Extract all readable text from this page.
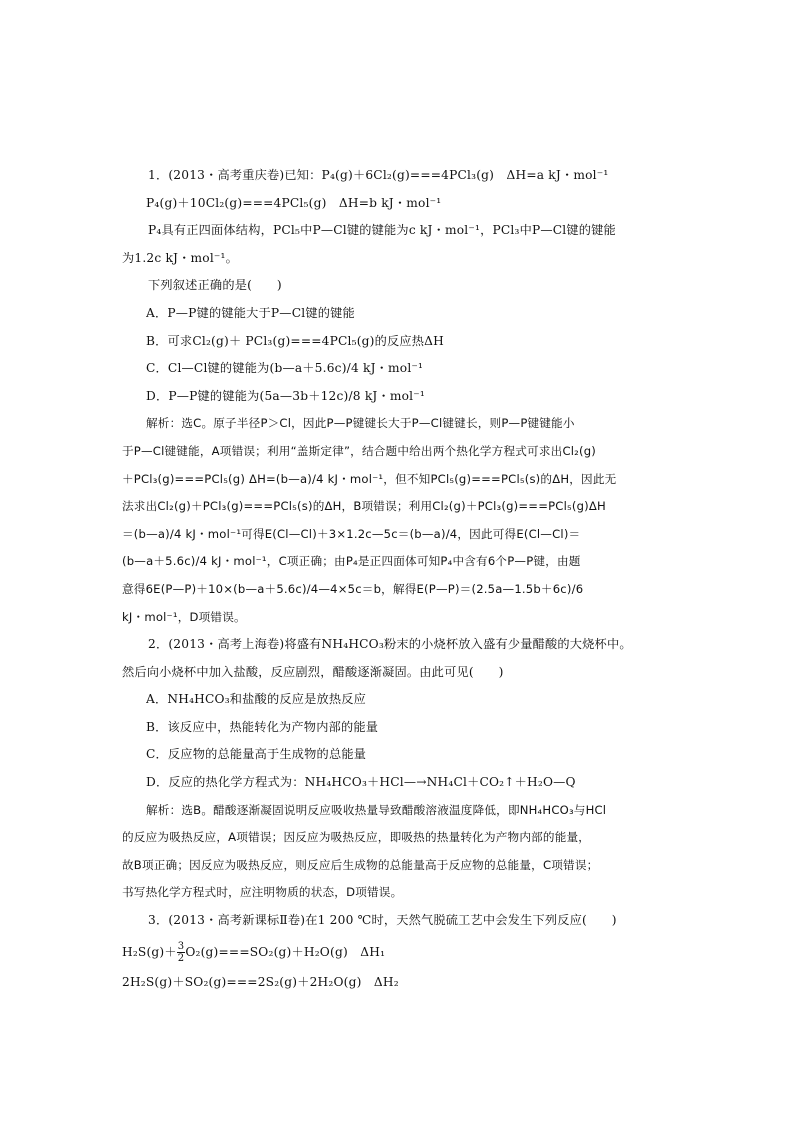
1．(2013・高考重庆卷)已知：P₄(g)＋6Cl₂(g)===4PCl₃(g)　ΔH=a kJ・mol⁻¹
P₄(g)＋10Cl₂(g)===4PCl₅(g)　ΔH=b kJ・mol⁻¹
P₄具有正四面体结构，PCl₅中P—Cl键的键能为c kJ・mol⁻¹，PCl₃中P—Cl键的键能
为1.2c kJ・mol⁻¹。
下列叙述正确的是(　　)
A．P—P键的键能大于P—Cl键的键能
B．可求Cl₂(g)＋ PCl₃(g)===4PCl₅(g)的反应热ΔH
C．Cl—Cl键的键能为(b—a＋5.6c)/4 kJ・mol⁻¹
D．P—P键的键能为(5a—3b＋12c)/8 kJ・mol⁻¹
解析：选C。原子半径P＞Cl，因此P—P键键长大于P—Cl键键长，则P—P键键能小
于P—Cl键键能，A项错误；利用“盖斯定律”，结合题中给出两个热化学方程式可求出Cl₂(g)
＋PCl₃(g)===PCl₅(g) ΔH=(b—a)/4 kJ・mol⁻¹，但不知PCl₅(g)===PCl₅(s)的ΔH，因此无
法求出Cl₂(g)＋PCl₃(g)===PCl₅(s)的ΔH，B项错误；利用Cl₂(g)＋PCl₃(g)===PCl₅(g)ΔH
＝(b—a)/4 kJ・mol⁻¹可得E(Cl—Cl)＋3×1.2c—5c＝(b—a)/4，因此可得E(Cl—Cl)＝
(b—a＋5.6c)/4 kJ・mol⁻¹，C项正确；由P₄是正四面体可知P₄中含有6个P—P键，由题
意得6E(P—P)＋10×(b—a＋5.6c)/4—4×5c＝b，解得E(P—P)＝(2.5a—1.5b＋6c)/6
kJ・mol⁻¹，D项错误。
2．(2013・高考上海卷)将盛有NH₄HCO₃粉末的小烧杯放入盛有少量醋酸的大烧杯中。
然后向小烧杯中加入盐酸，反应剧烈，醋酸逐渐凝固。由此可见(　　)
A．NH₄HCO₃和盐酸的反应是放热反应
B．该反应中，热能转化为产物内部的能量
C．反应物的总能量高于生成物的总能量
D．反应的热化学方程式为：NH₄HCO₃＋HCl—→NH₄Cl＋CO₂↑＋H₂O—Q
解析：选B。醋酸逐渐凝固说明反应吸收热量导致醋酸溶液温度降低，即NH₄HCO₃与HCl
的反应为吸热反应，A项错误；因反应为吸热反应，即吸热的热量转化为产物内部的能量，
故B项正确；因反应为吸热反应，则反应后生成物的总能量高于反应物的总能量，C项错误；
书写热化学方程式时，应注明物质的状态，D项错误。
3．(2013・高考新课标Ⅱ卷)在1 200 ℃时，天然气脱硫工艺中会发生下列反应(　　)
$H_2S(g)+ \frac{3}{2} O_2(g)===SO_2(g)+H_2O(g)$　ΔH₁
2H₂S(g)＋SO₂(g)===2S₂(g)＋2H₂O(g)　ΔH₂
